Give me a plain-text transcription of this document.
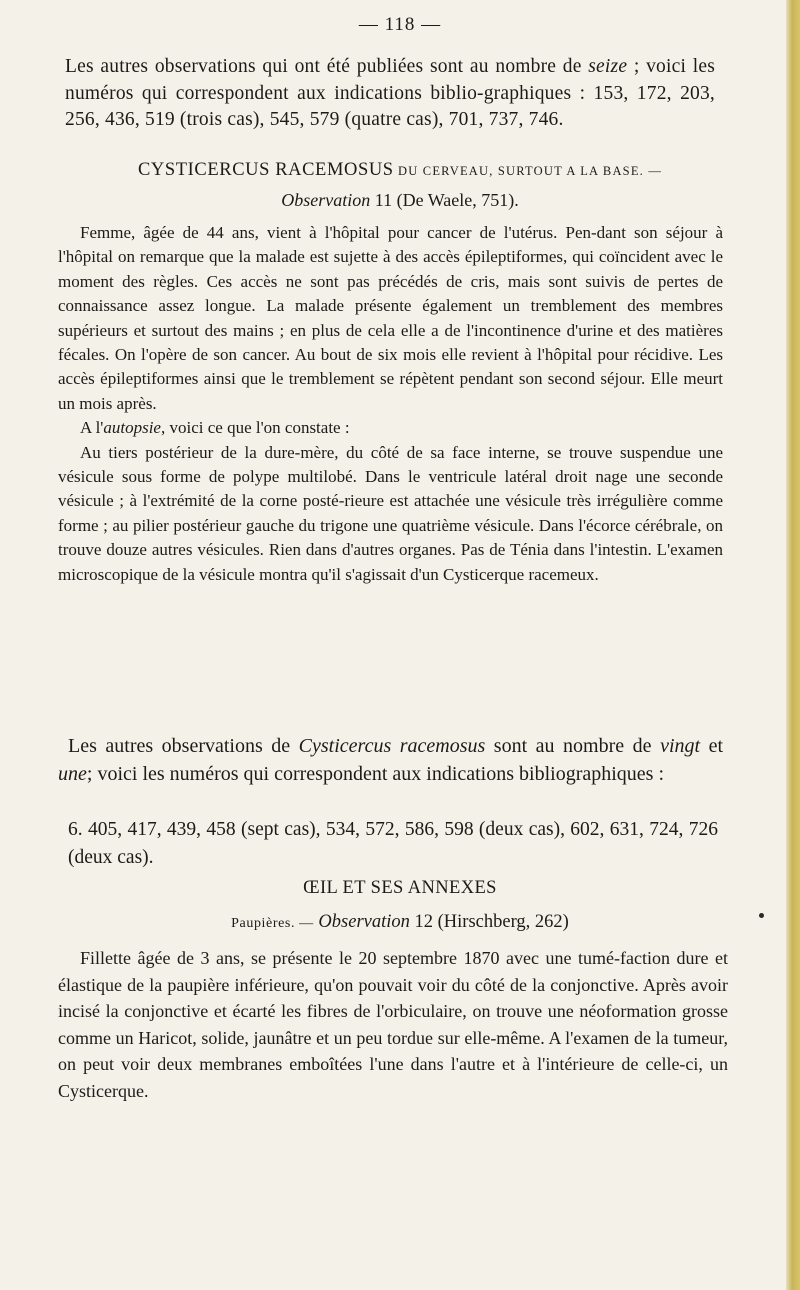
— 118 —

Les autres observations qui ont été publiées sont au nombre de seize ; voici les numéros qui correspondent aux indications biblio-graphiques : 153, 172, 203, 256, 436, 519 (trois cas), 545, 579 (quatre cas), 701, 737, 746.

CYSTICERCUS RACEMOSUS DU CERVEAU, SURTOUT A LA BASE. —
Observation 11 (De Waele, 751).

Femme, âgée de 44 ans, vient à l'hôpital pour cancer de l'utérus. Pen-dant son séjour à l'hôpital on remarque que la malade est sujette à des accès épileptiformes, qui coïncident avec le moment des règles. Ces accès ne sont pas précédés de cris, mais sont suivis de pertes de connaissance assez longue. La malade présente également un tremblement des membres supérieurs et surtout des mains ; en plus de cela elle a de l'incontinence d'urine et des matières fécales. On l'opère de son cancer. Au bout de six mois elle revient à l'hôpital pour récidive. Les accès épileptiformes ainsi que le tremblement se répètent pendant son second séjour. Elle meurt un mois après.

A l'autopsie, voici ce que l'on constate :

Au tiers postérieur de la dure-mère, du côté de sa face interne, se trouve suspendue une vésicule sous forme de polype multilobé. Dans le ventricule latéral droit nage une seconde vésicule ; à l'extrémité de la corne posté-rieure est attachée une vésicule très irrégulière comme forme ; au pilier postérieur gauche du trigone une quatrième vésicule. Dans l'écorce cérébrale, on trouve douze autres vésicules. Rien dans d'autres organes. Pas de Ténia dans l'intestin. L'examen microscopique de la vésicule montra qu'il s'agissait d'un Cysticerque racemeux.

Les autres observations de Cysticercus racemosus sont au nombre de vingt et une; voici les numéros qui correspondent aux indications bibliographiques :

6. 405, 417, 439, 458 (sept cas), 534, 572, 586, 598 (deux cas), 602, 631, 724, 726 (deux cas).

ŒIL ET SES ANNEXES
Paupières. — Observation 12 (Hirschberg, 262)

Fillette âgée de 3 ans, se présente le 20 septembre 1870 avec une tumé-faction dure et élastique de la paupière inférieure, qu'on pouvait voir du côté de la conjonctive. Après avoir incisé la conjonctive et écarté les fibres de l'orbiculaire, on trouve une néoformation grosse comme un Haricot, solide, jaunâtre et un peu tordue sur elle-même. A l'examen de la tumeur, on peut voir deux membranes emboîtées l'une dans l'autre et à l'intérieure de celle-ci, un Cysticerque.
